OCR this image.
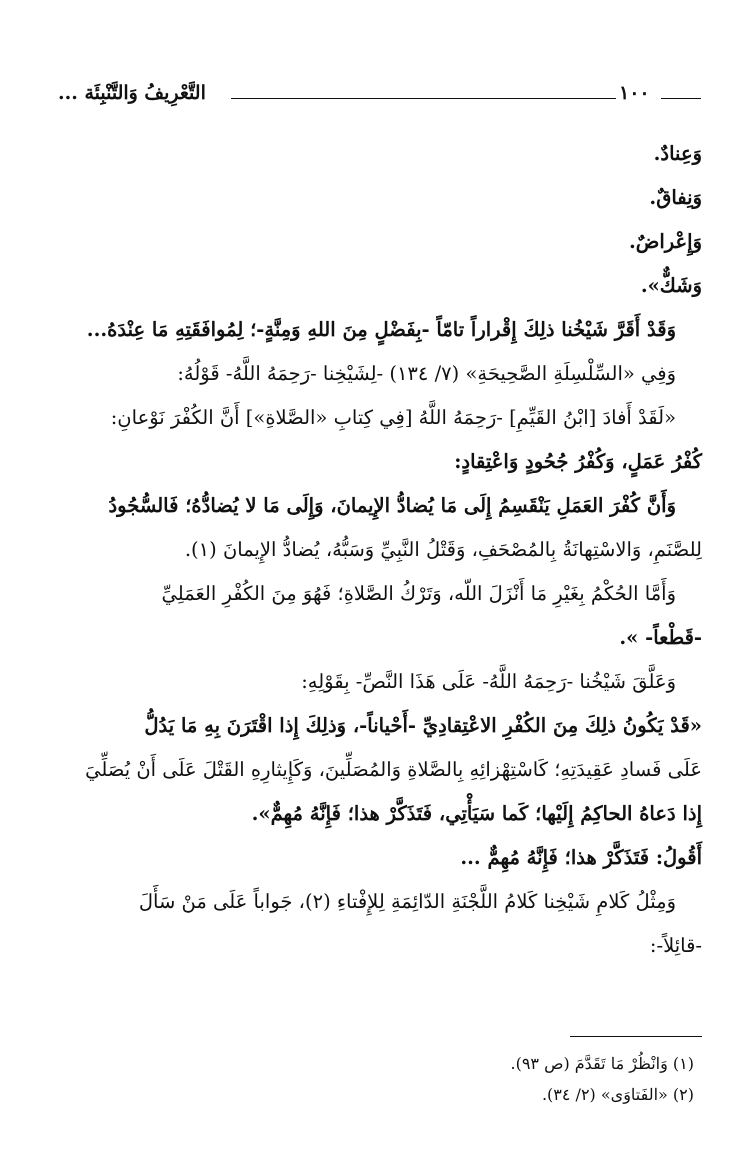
التَّعْرِيفُ وَالتَّنْبِئَة ...	١٠٠

وَعِنادٌ.

وَنِفاقٌ.

وَإِعْراضٌ.

وَشَكٌّ».

وَقَدْ أَقَرَّ شَيْخُنا ذلِكَ إِقْراراً تامّاً -بِفَضْلٍ مِنَ اللهِ وَمِنَّةٍ-؛ لِمُوافَقَتِهِ مَا عِنْدَهُ...

وَفِي «السِّلْسِلَةِ الصَّحِيحَةِ» (٧/ ١٣٤) -لِشَيْخِنا -رَحِمَهُ اللَّهُ- قَوْلُهُ:

«لَقَدْ أَفادَ [ابْنُ القَيِّمِ] -رَحِمَهُ اللَّهُ [فِي كِتابِ «الصَّلاةِ»] أَنَّ الكُفْرَ نَوْعانِ:

كُفْرُ عَمَلٍ، وَكُفْرُ جُحُودٍ وَاعْتِقادٍ:

وَأَنَّ كُفْرَ العَمَلِ يَنْقَسِمُ إِلَى مَا يُضادُّ الإِيمانَ، وَإِلَى مَا لا يُضادُّهُ؛ فَالسُّجُودُ

لِلصَّنَمِ، وَالاسْتِهانَةُ بِالمُصْحَفِ، وَقَتْلُ النَّبِيِّ وَسَبُّهُ، يُضادُّ الإِيمانَ (١).

وَأَمَّا الحُكْمُ بِغَيْرِ مَا أَنْزَلَ اللّه، وَتَرْكُ الصَّلاةِ؛ فَهُوَ مِنَ الكُفْرِ العَمَلِيِّ

-قَطْعاً- ».

وَعَلَّقَ شَيْخُنا -رَحِمَهُ اللَّهُ- عَلَى هَذَا النَّصِّ- بِقَوْلِهِ:

«قَدْ يَكُونُ ذلِكَ مِنَ الكُفْرِ الاعْتِقادِيِّ -أَحْياناً-، وَذلِكَ إِذا اقْتَرَنَ بِهِ مَا يَدُلُّ

عَلَى فَسادِ عَقِيدَتِهِ؛ كَاسْتِهْزائِهِ بِالصَّلاةِ وَالمُصَلِّينَ، وَكَإِيثارِهِ القَتْلَ عَلَى أَنْ يُصَلِّيَ

إِذا دَعاهُ الحاكِمُ إِلَيْها؛ كَما سَيَأْتِي، فَتَذَكَّرْ هذا؛ فَإِنَّهُ مُهِمٌّ».

أَقُولُ: فَتَذَكَّرْ هذا؛ فَإِنَّهُ مُهِمٌّ ...

وَمِثْلُ كَلامِ شَيْخِنا كَلامُ اللَّجْنَةِ الدّائِمَةِ لِلإِفْتاءِ (٢)، جَواباً عَلَى مَنْ سَأَلَ

-قائِلاً-:

(١) وَانْظُرْ مَا تَقَدَّمَ (ص ٩٣).

(٢) «الفَتاوَى» (٢/ ٣٤).
